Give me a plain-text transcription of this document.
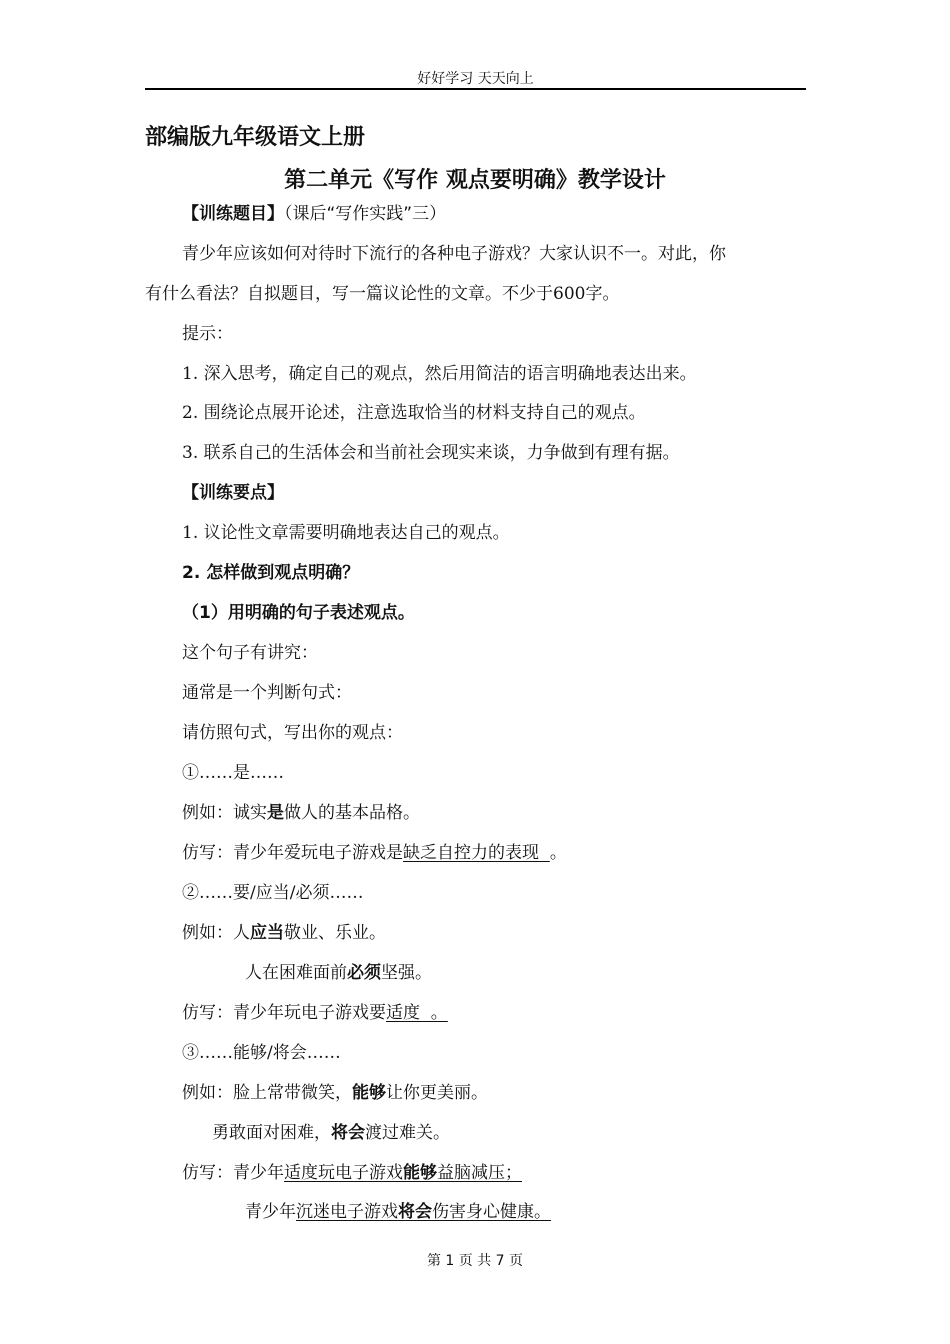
好好学习 天天向上
部编版九年级语文上册
第二单元《写作 观点要明确》教学设计
【训练题目】（课后“写作实践”三）
青少年应该如何对待时下流行的各种电子游戏？大家认识不一。对此，你
有什么看法？自拟题目，写一篇议论性的文章。不少于600字。
提示：
1. 深入思考，确定自己的观点，然后用简洁的语言明确地表达出来。
2. 围绕论点展开论述，注意选取恰当的材料支持自己的观点。
3. 联系自己的生活体会和当前社会现实来谈，力争做到有理有据。
【训练要点】
1. 议论性文章需要明确地表达自己的观点。
2. 怎样做到观点明确？
（1）用明确的句子表述观点。
这个句子有讲究：
通常是一个判断句式：
请仿照句式，写出你的观点：
①……是……
例如：诚实是做人的基本品格。
仿写：青少年爱玩电子游戏是缺乏自控力的表现  。
②……要/应当/必须……
例如：人应当敬业、乐业。
人在困难面前必须坚强。
仿写：青少年玩电子游戏要适度  。
③……能够/将会……
例如：脸上常带微笑，能够让你更美丽。
勇敢面对困难，将会渡过难关。
仿写：青少年适度玩电子游戏能够益脑减压；
青少年沉迷电子游戏将会伤害身心健康。
第 1 页 共 7 页
